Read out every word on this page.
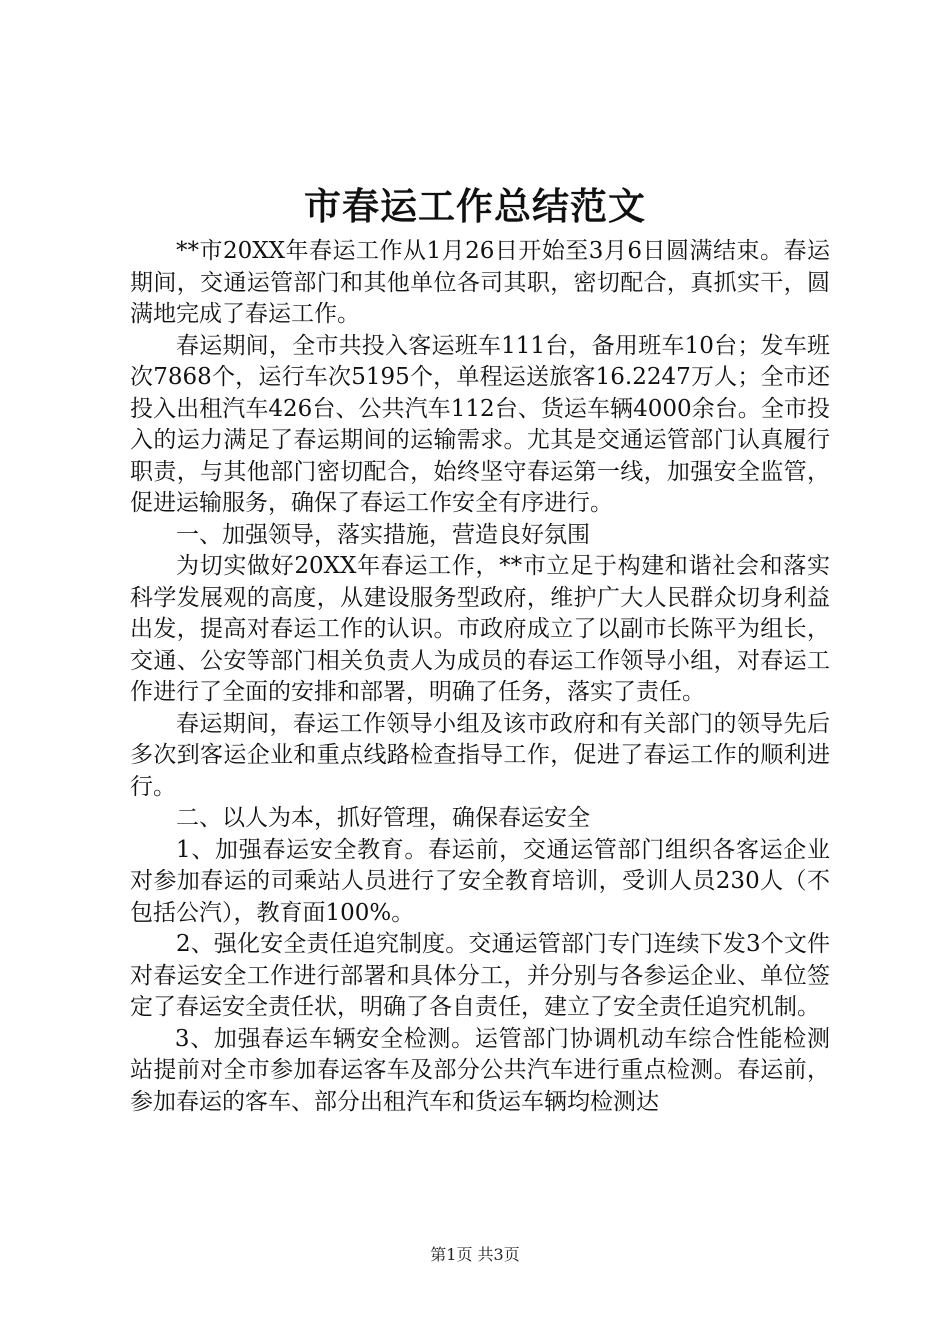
市春运工作总结范文

**市20XX年春运工作从1月26日开始至3月6日圆满结束。春运期间，交通运管部门和其他单位各司其职，密切配合，真抓实干，圆满地完成了春运工作。

春运期间，全市共投入客运班车111台，备用班车10台；发车班次7868个，运行车次5195个，单程运送旅客16.2247万人；全市还投入出租汽车426台、公共汽车112台、货运车辆4000余台。全市投入的运力满足了春运期间的运输需求。尤其是交通运管部门认真履行职责，与其他部门密切配合，始终坚守春运第一线，加强安全监管，促进运输服务，确保了春运工作安全有序进行。

一、加强领导，落实措施，营造良好氛围

为切实做好20XX年春运工作，**市立足于构建和谐社会和落实科学发展观的高度，从建设服务型政府，维护广大人民群众切身利益出发，提高对春运工作的认识。市政府成立了以副市长陈平为组长，交通、公安等部门相关负责人为成员的春运工作领导小组，对春运工作进行了全面的安排和部署，明确了任务，落实了责任。

春运期间，春运工作领导小组及该市政府和有关部门的领导先后多次到客运企业和重点线路检查指导工作，促进了春运工作的顺利进行。

二、以人为本，抓好管理，确保春运安全

1、加强春运安全教育。春运前，交通运管部门组织各客运企业对参加春运的司乘站人员进行了安全教育培训，受训人员230人（不包括公汽），教育面100%。

2、强化安全责任追究制度。交通运管部门专门连续下发3个文件对春运安全工作进行部署和具体分工，并分别与各参运企业、单位签定了春运安全责任状，明确了各自责任，建立了安全责任追究机制。

3、加强春运车辆安全检测。运管部门协调机动车综合性能检测站提前对全市参加春运客车及部分公共汽车进行重点检测。春运前，参加春运的客车、部分出租汽车和货运车辆均检测达

第1页 共3页
